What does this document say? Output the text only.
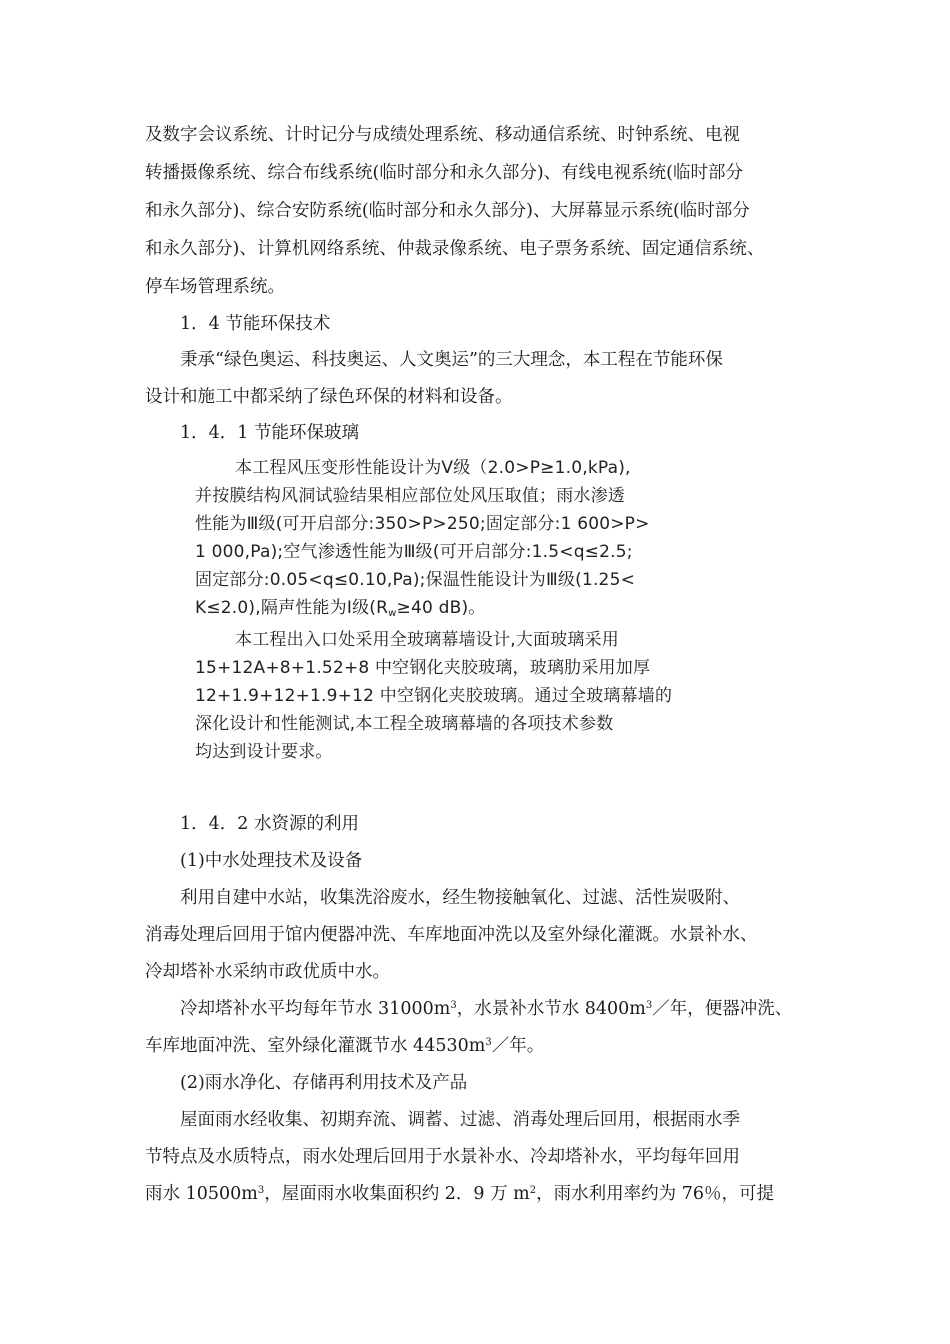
及数字会议系统、计时记分与成绩处理系统、移动通信系统、时钟系统、电视
转播摄像系统、综合布线系统(临时部分和永久部分)、有线电视系统(临时部分
和永久部分)、综合安防系统(临时部分和永久部分)、大屏幕显示系统(临时部分
和永久部分)、计算机网络系统、仲裁录像系统、电子票务系统、固定通信系统、
停车场管理系统。
1．4 节能环保技术
秉承“绿色奥运、科技奥运、人文奥运”的三大理念，本工程在节能环保
设计和施工中都采纳了绿色环保的材料和设备。
1．4．1 节能环保玻璃
本工程风压变形性能设计为Ⅴ级（2.0>P≥1.0,kPa),
并按膜结构风洞试验结果相应部位处风压取值；雨水渗透
性能为Ⅲ级(可开启部分:350>P>250;固定部分:1 600>P>
1 000,Pa);空气渗透性能为Ⅲ级(可开启部分:1.5<q≤2.5;
固定部分:0.05<q≤0.10,Pa);保温性能设计为Ⅲ级(1.25<
K≤2.0),隔声性能为Ⅰ级($R_w\ge 40$ dB)。
本工程出入口处采用全玻璃幕墙设计,大面玻璃采用
15+12A+8+1.52+8 中空钢化夹胶玻璃，玻璃肋采用加厚
12+1.9+12+1.9+12 中空钢化夹胶玻璃。通过全玻璃幕墙的
深化设计和性能测试,本工程全玻璃幕墙的各项技术参数
均达到设计要求。
1．4．2 水资源的利用
(1)中水处理技术及设备
利用自建中水站，收集洗浴废水，经生物接触氧化、过滤、活性炭吸附、
消毒处理后回用于馆内便器冲洗、车库地面冲洗以及室外绿化灌溉。水景补水、
冷却塔补水采纳市政优质中水。
冷却塔补水平均每年节水 $31000m^3$，水景补水节水 $8400m^3/$年，便器冲洗、
车库地面冲洗、室外绿化灌溉节水 $44530m^3/$年。
(2)雨水净化、存储再利用技术及产品
屋面雨水经收集、初期弃流、调蓄、过滤、消毒处理后回用，根据雨水季
节特点及水质特点，雨水处理后回用于水景补水、冷却塔补水，平均每年回用
雨水 $10500m^3$，屋面雨水收集面积约 2．9 万 $m^2$，雨水利用率约为 76％，可提
